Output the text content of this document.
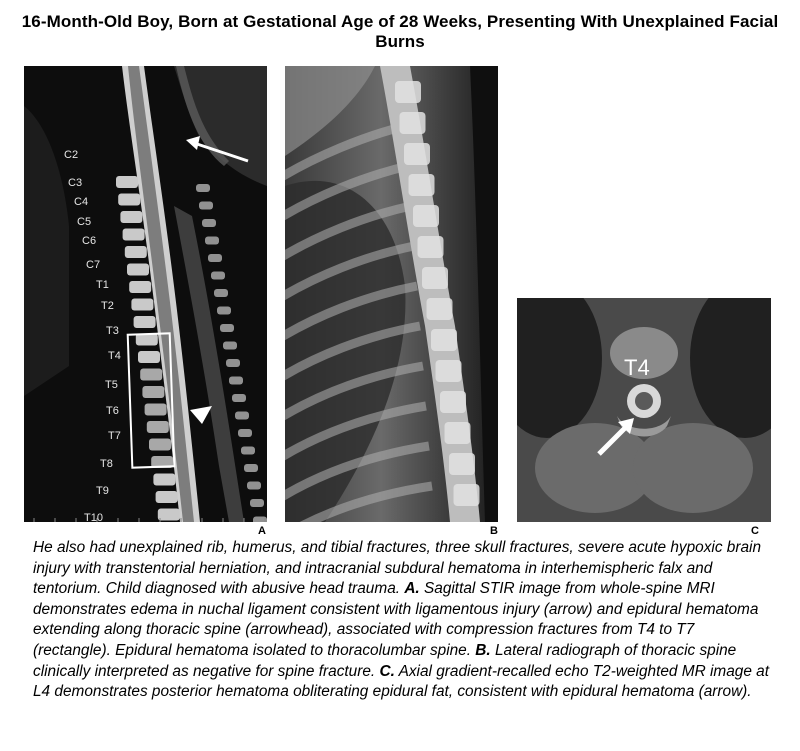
16-Month-Old Boy, Born at Gestational Age of 28 Weeks, Presenting With Unexplained Facial Burns
C2
C3
C4
C5
C6
C7
T1
T2
T3
T4
T5
T6
T7
T8
T9
T10
A	B
T4
C
He also had unexplained rib, humerus, and tibial fractures, three skull fractures, severe acute hypoxic brain injury with transtentorial herniation, and intracranial subdural hematoma in interhemispheric falx and tentorium. Child diagnosed with abusive head trauma. A. Sagittal STIR image from whole-spine MRI demonstrates edema in nuchal ligament consistent with ligamentous injury (arrow) and epidural hematoma extending along thoracic spine (arrowhead), associated with compression fractures from T4 to T7 (rectangle). Epidural hematoma isolated to thoracolumbar spine. B. Lateral radiograph of thoracic spine clinically interpreted as negative for spine fracture. C. Axial gradient-recalled echo T2-weighted MR image at L4 demonstrates posterior hematoma obliterating epidural fat, consistent with epidural hematoma (arrow).
